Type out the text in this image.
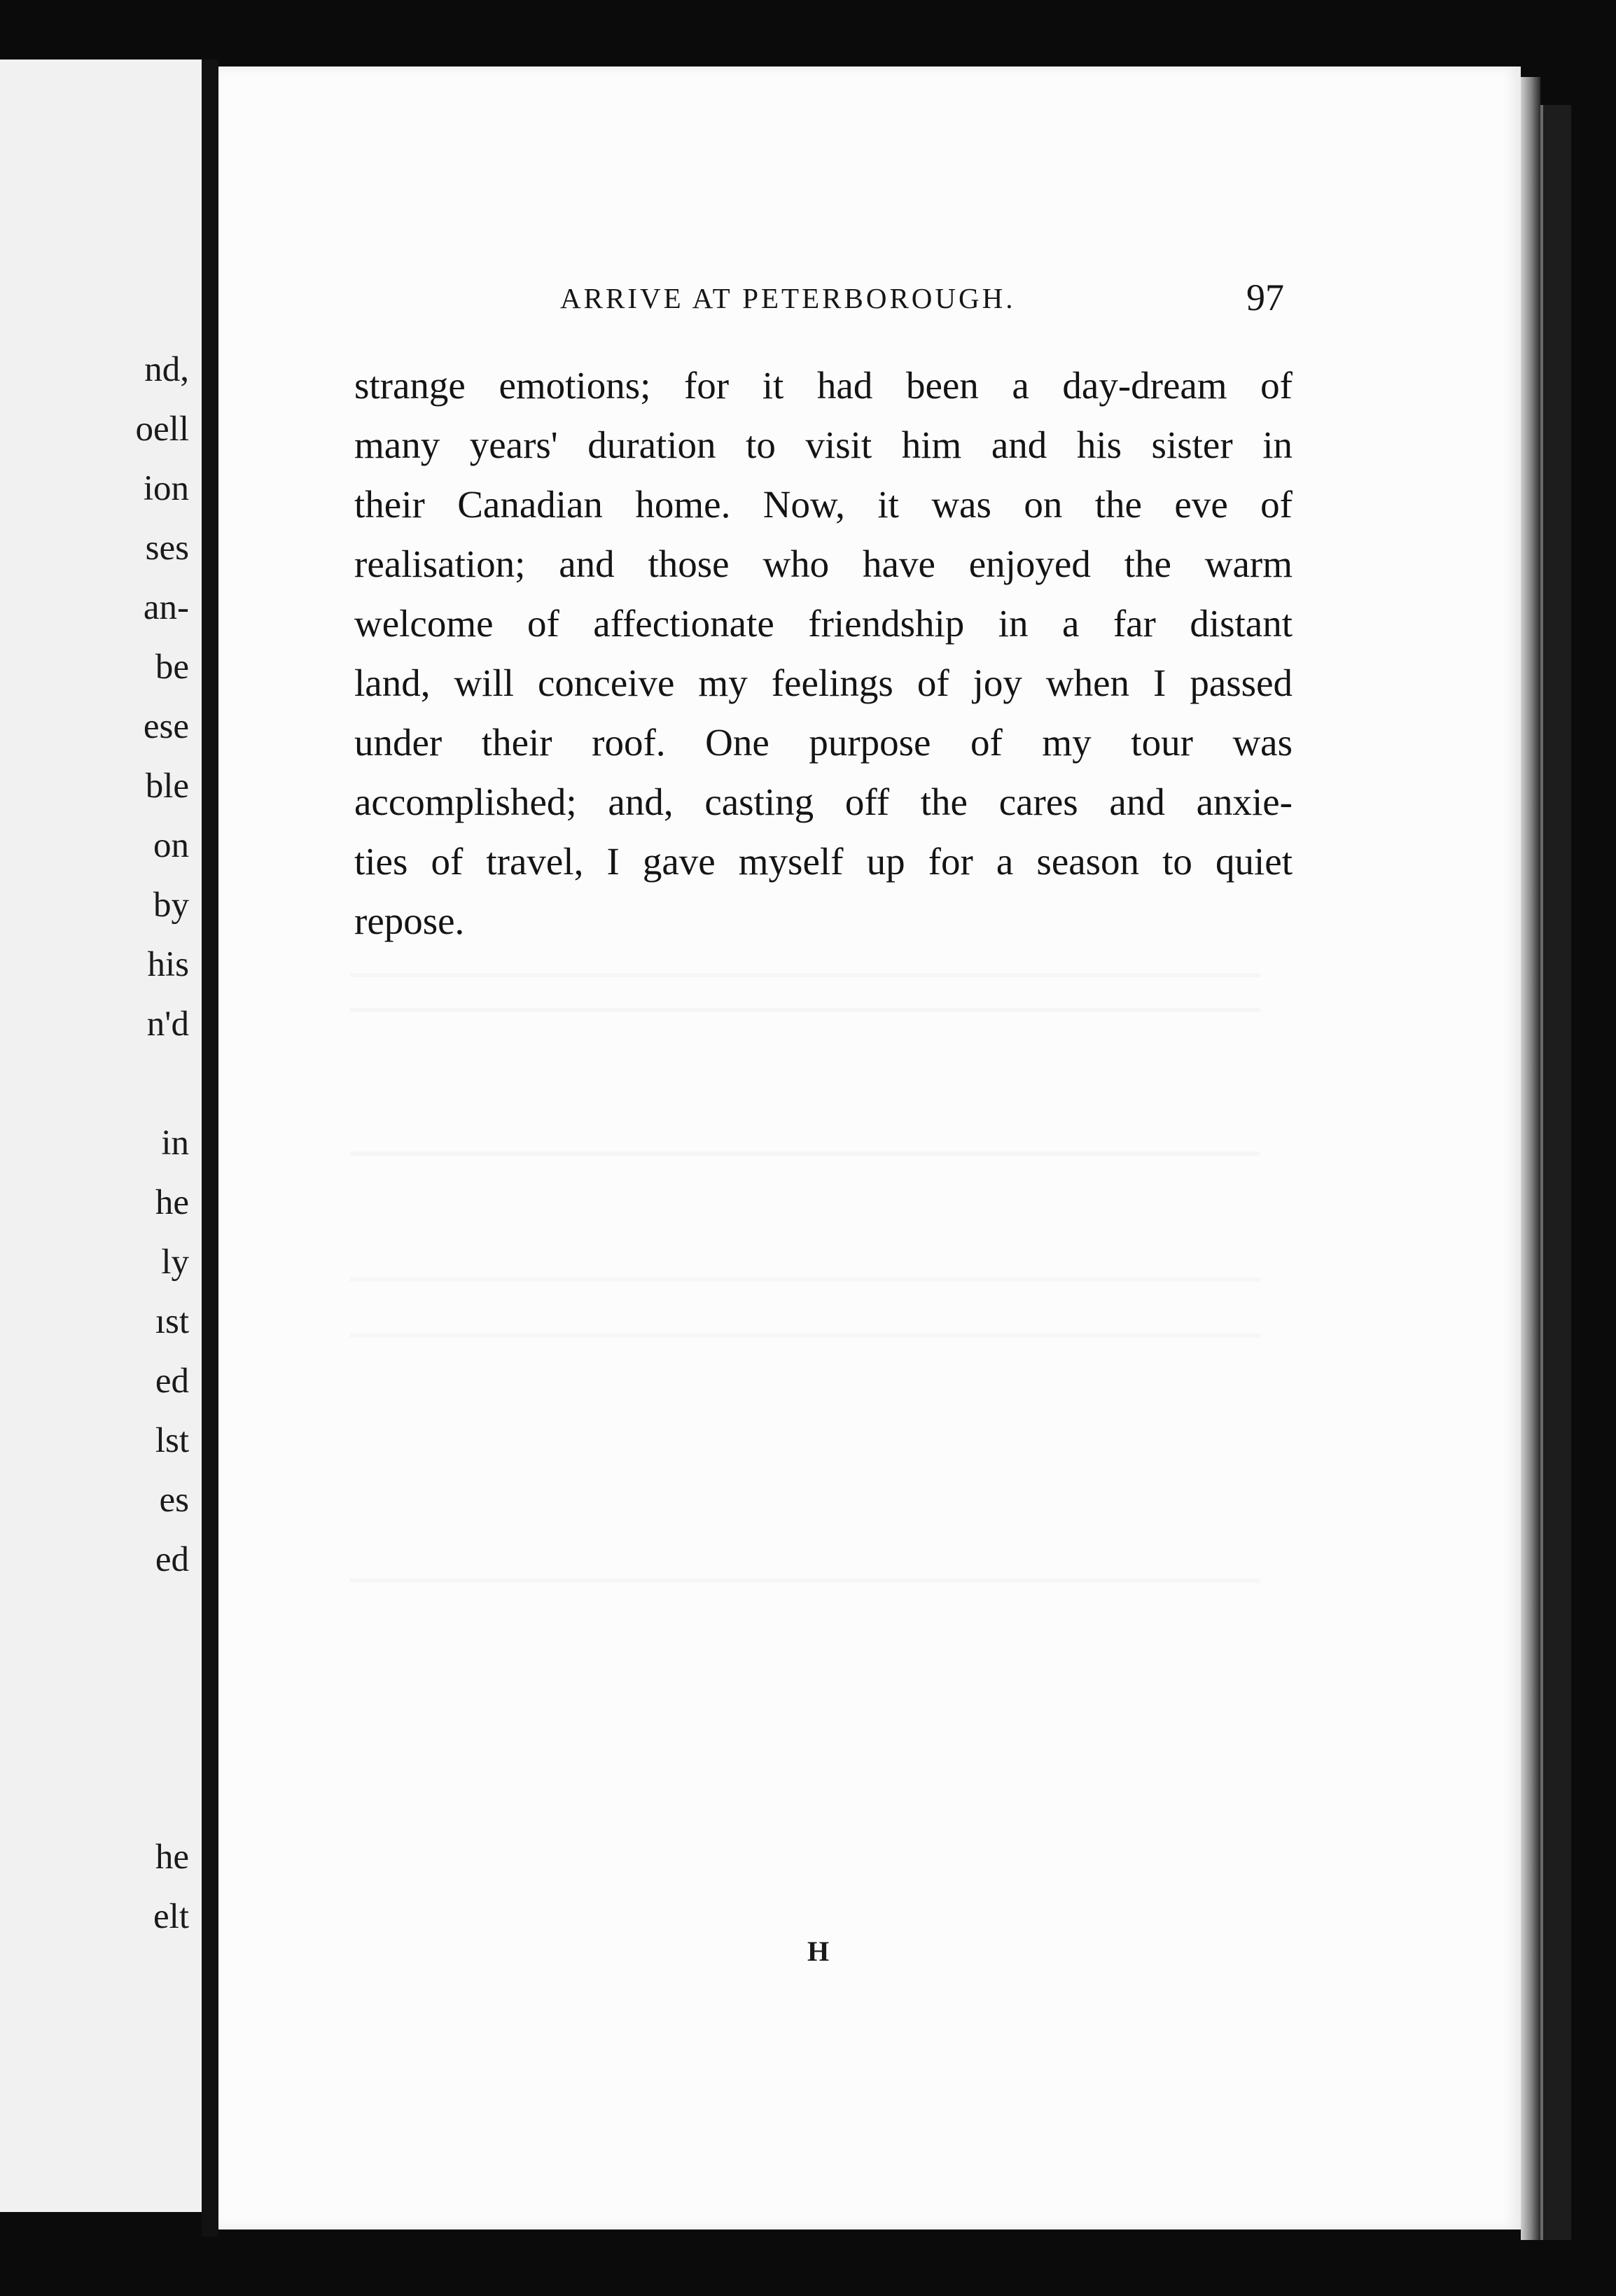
nd,
oell
ion
ses
an-
be
ese
ble
on
by
his
n'd
in
he
ly
ıst
ed
lst
es
ed
he
elt
ARRIVE AT PETERBOROUGH.	97
strange emotions; for it had been a day-dream of
many years' duration to visit him and his sister in
their Canadian home. Now, it was on the eve of
realisation; and those who have enjoyed the warm
welcome of affectionate friendship in a far distant
land, will conceive my feelings of joy when I passed
under their roof. One purpose of my tour was
accomplished; and, casting off the cares and anxie-
ties of travel, I gave myself up for a season to quiet
repose.
H
